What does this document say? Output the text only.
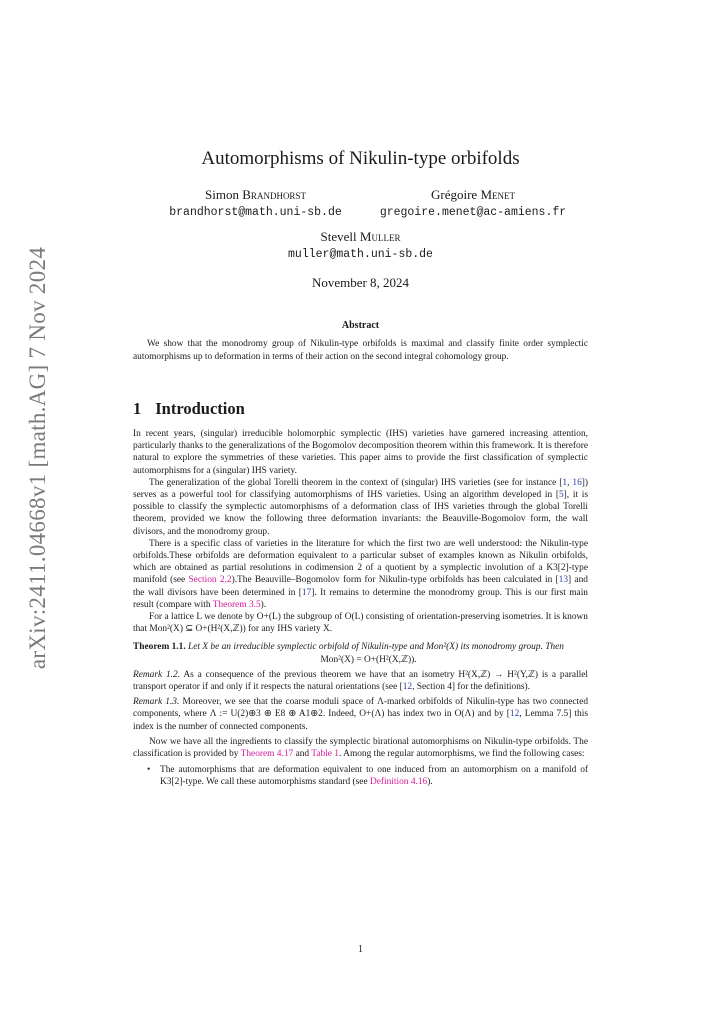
arXiv:2411.04668v1 [math.AG] 7 Nov 2024
Automorphisms of Nikulin-type orbifolds
Simon Brandhorst
brandhorst@math.uni-sb.de
Grégoire Menet
gregoire.menet@ac-amiens.fr
Stevell Muller
muller@math.uni-sb.de
November 8, 2024
Abstract
We show that the monodromy group of Nikulin-type orbifolds is maximal and classify finite order symplectic automorphisms up to deformation in terms of their action on the second integral cohomology group.
1 Introduction

In recent years, (singular) irreducible holomorphic symplectic (IHS) varieties have garnered increasing attention, particularly thanks to the generalizations of the Bogomolov decomposition theorem within this framework. It is therefore natural to explore the symmetries of these varieties. This paper aims to provide the first classification of symplectic automorphisms for a (singular) IHS variety.

The generalization of the global Torelli theorem in the context of (singular) IHS varieties (see for instance [1, 16]) serves as a powerful tool for classifying automorphisms of IHS varieties. Using an algorithm developed in [5], it is possible to classify the symplectic automorphisms of a deformation class of IHS varieties through the global Torelli theorem, provided we know the following three deformation invariants: the Beauville-Bogomolov form, the wall divisors, and the monodromy group.

There is a specific class of varieties in the literature for which the first two are well understood: the Nikulin-type orbifolds.These orbifolds are deformation equivalent to a particular subset of examples known as Nikulin orbifolds, which are obtained as partial resolutions in codimension 2 of a quotient by a symplectic involution of a K3[2]-type manifold (see Section 2.2).The Beauville–Bogomolov form for Nikulin-type orbifolds has been calculated in [13] and the wall divisors have been determined in [17]. It remains to determine the monodromy group. This is our first main result (compare with Theorem 3.5).

For a lattice L we denote by O+(L) the subgroup of O(L) consisting of orientation-preserving isometries. It is known that Mon²(X) ⊆ O+(H²(X,ℤ)) for any IHS variety X.

Theorem 1.1. Let X be an irreducible symplectic orbifold of Nikulin-type and Mon²(X) its monodromy group. Then

Mon²(X) = O+(H²(X,ℤ)).

Remark 1.2. As a consequence of the previous theorem we have that an isometry H²(X,ℤ) → H²(Y,ℤ) is a parallel transport operator if and only if it respects the natural orientations (see [12, Section 4] for the definitions).

Remark 1.3. Moreover, we see that the coarse moduli space of Λ-marked orbifolds of Nikulin-type has two connected components, where Λ := U(2)⊕3 ⊕ E8 ⊕ A1⊕2. Indeed, O+(Λ) has index two in O(Λ) and by [12, Lemma 7.5] this index is the number of connected components.

Now we have all the ingredients to classify the symplectic birational automorphisms on Nikulin-type orbifolds. The classification is provided by Theorem 4.17 and Table 1. Among the regular automorphisms, we find the following cases:

• The automorphisms that are deformation equivalent to one induced from an automorphism on a manifold of K3[2]-type. We call these automorphisms standard (see Definition 4.16).
1
